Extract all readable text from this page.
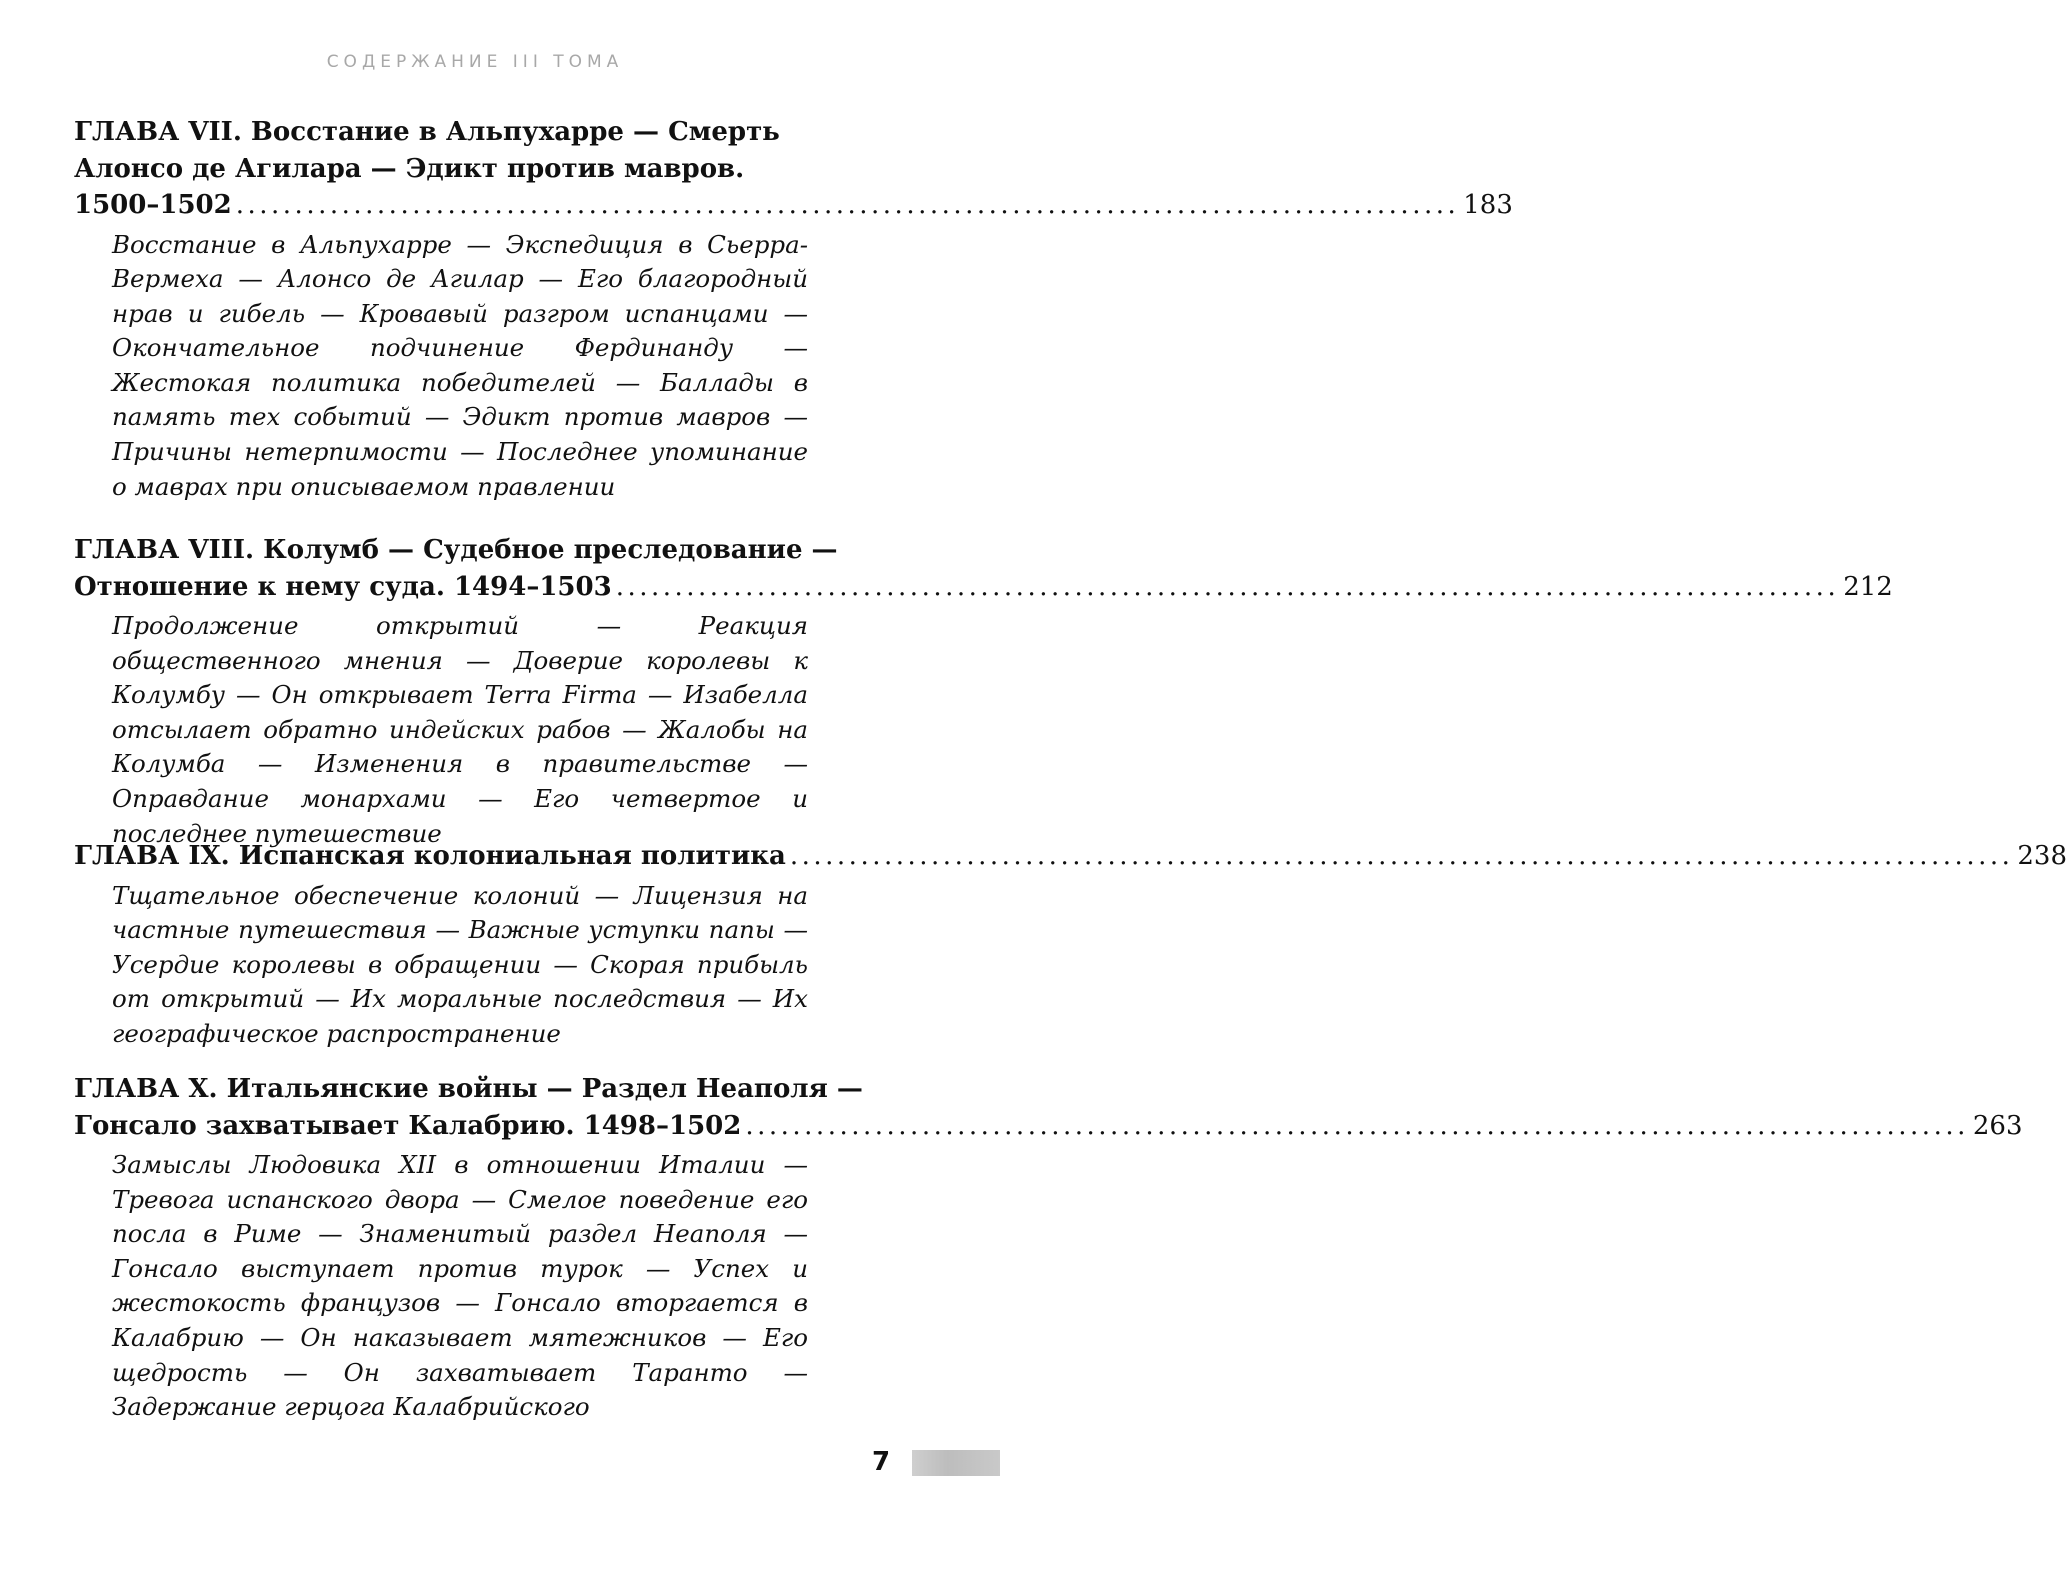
СОДЕРЖАНИЕ III ТОМА
ГЛАВА VII. Восстание в Альпухарре — Смерть
Алонсо де Агилара — Эдикт против мавров.
1500–1502 ........................................................................................................ 183
Восстание в Альпухарре — Экспедиция в Сьерра-Вермеха — Алонсо де Агилар — Его благородный нрав и гибель — Кровавый разгром испанцами — Окончательное подчинение Фердинанду — Жестокая политика победителей — Баллады в память тех событий — Эдикт против мавров — Причины нетерпимости — Последнее упоминание о маврах при описываемом правлении
ГЛАВА VIII. Колумб — Судебное преследование —
Отношение к нему суда. 1494–1503 ........................................................................................................ 212
Продолжение открытий — Реакция общественного мнения — Доверие королевы к Колумбу — Он открывает Terra Firma — Изабелла отсылает обратно индейских рабов — Жалобы на Колумба — Изменения в правительстве — Оправдание монархами — Его четвертое и последнее путешествие
ГЛАВА IX. Испанская колониальная политика ........................................................................................................ 238
Тщательное обеспечение колоний — Лицензия на частные путешествия — Важные уступки папы — Усердие королевы в обращении — Скорая прибыль от открытий — Их моральные последствия — Их географическое распространение
ГЛАВА X. Итальянские войны — Раздел Неаполя —
Гонсало захватывает Калабрию. 1498–1502 ........................................................................................................ 263
Замыслы Людовика XII в отношении Италии — Тревога испанского двора — Смелое поведение его посла в Риме — Знаменитый раздел Неаполя — Гонсало выступает против турок — Успех и жестокость французов — Гонсало вторгается в Калабрию — Он наказывает мятежников — Его щедрость — Он захватывает Таранто — Задержание герцога Калабрийского
7
